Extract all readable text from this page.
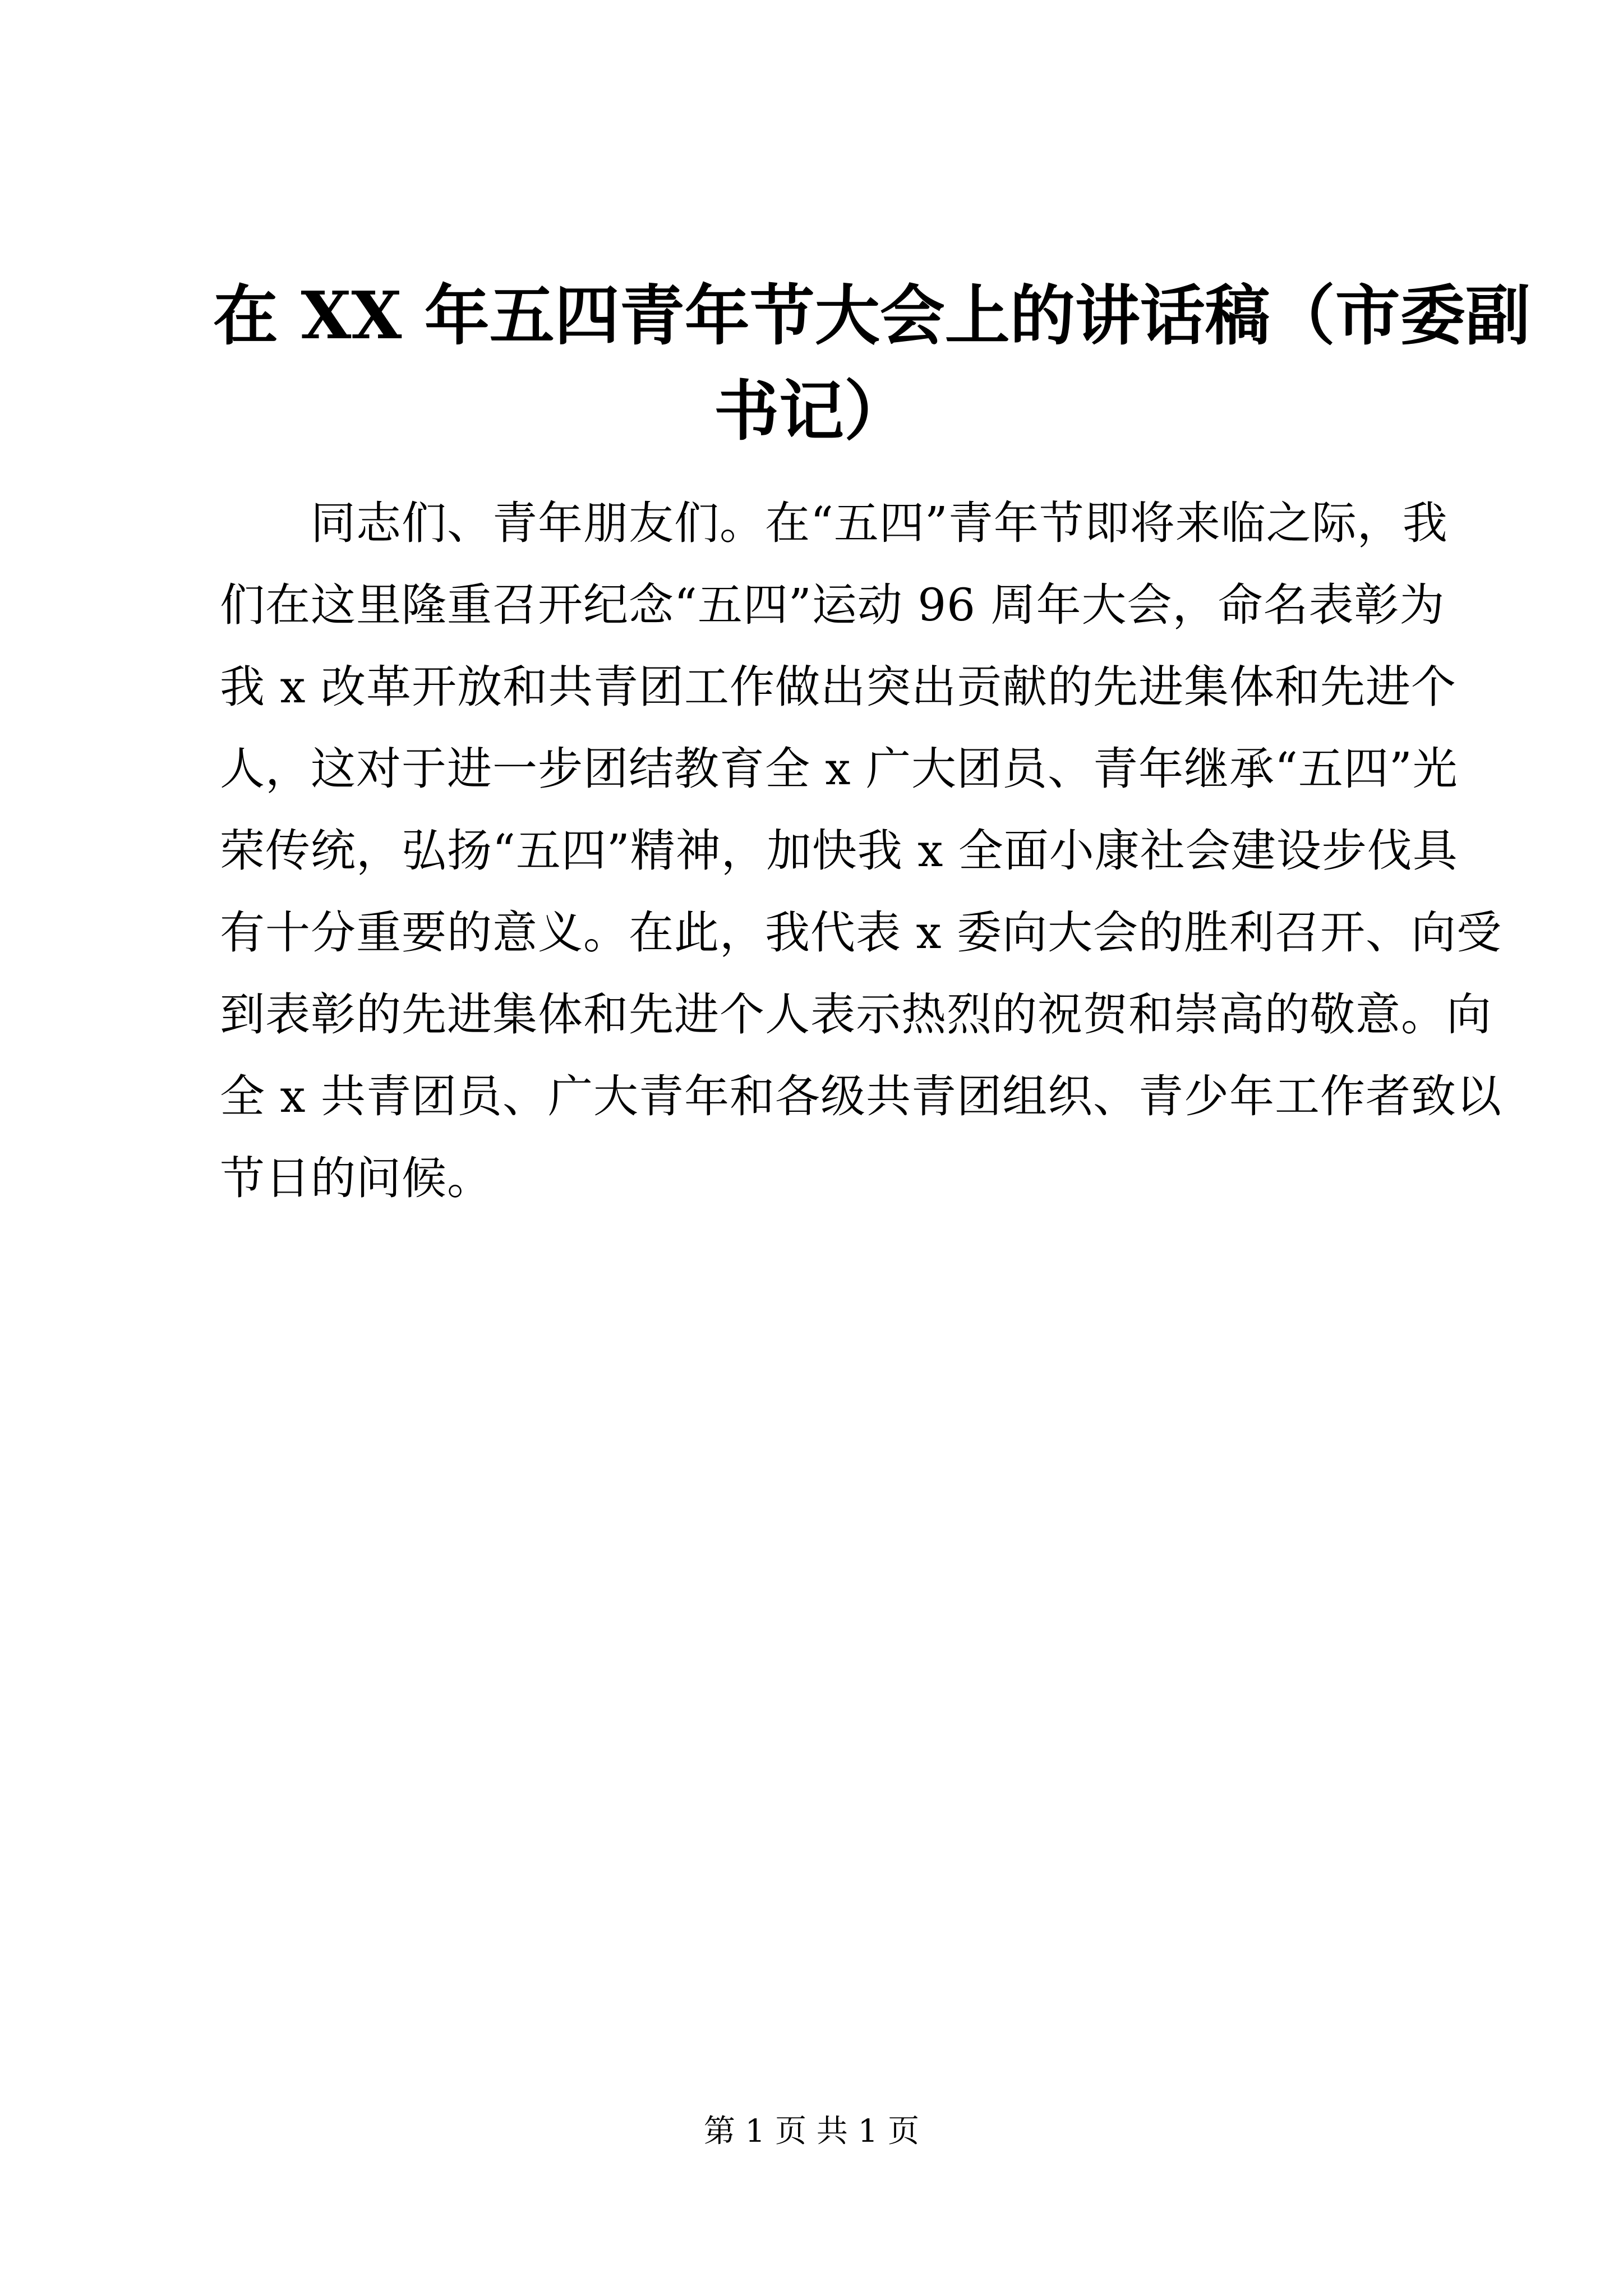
在 XX 年五四青年节大会上的讲话稿（市委副
书记）
　　同志们、青年朋友们。在“五四”青年节即将来临之际，我
们在这里隆重召开纪念“五四”运动 96 周年大会，命名表彰为
我 x 改革开放和共青团工作做出突出贡献的先进集体和先进个
人，这对于进一步团结教育全 x 广大团员、青年继承“五四”光
荣传统，弘扬“五四”精神，加快我 x 全面小康社会建设步伐具
有十分重要的意义。在此，我代表 x 委向大会的胜利召开、向受
到表彰的先进集体和先进个人表示热烈的祝贺和崇高的敬意。向
全 x 共青团员、广大青年和各级共青团组织、青少年工作者致以
节日的问候。
第 1 页 共 1 页
